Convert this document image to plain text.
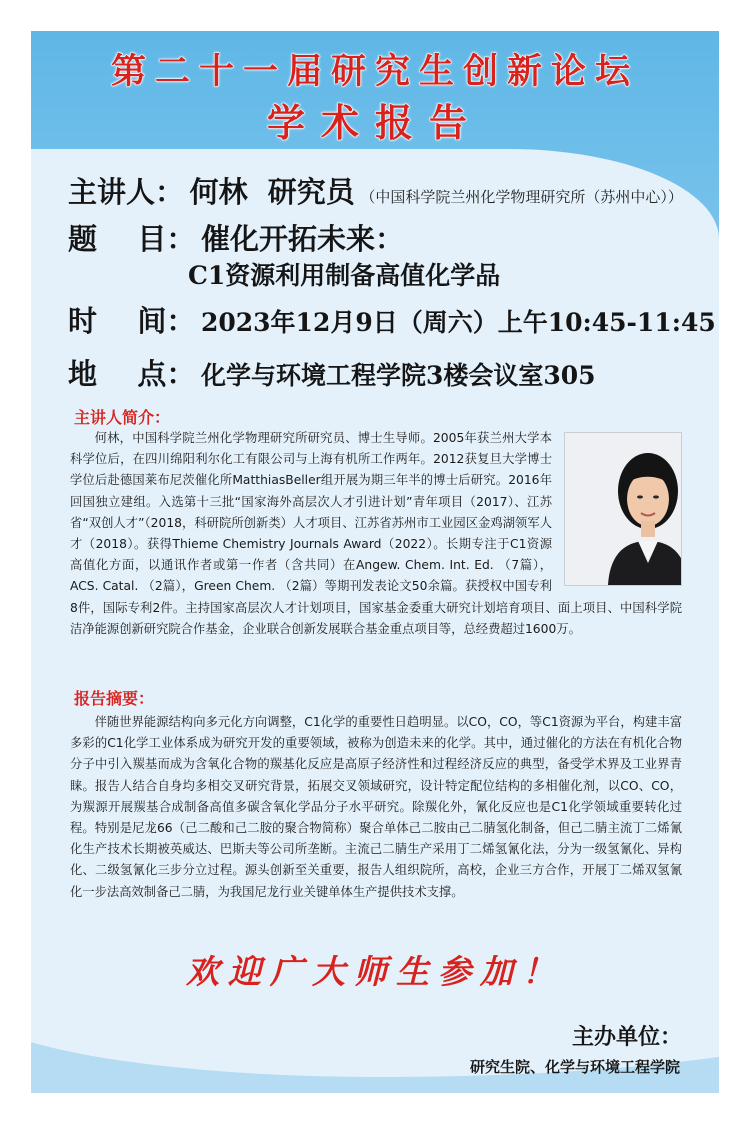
第二十一届研究生创新论坛
学术报告
主讲人： 何林  研究员 （中国科学院兰州化学物理研究所（苏州中心））
题    目： 催化开拓未来：
C1资源利用制备高值化学品
时    间： 2023年12月9日（周六）上午10:45-11:45
地    点： 化学与环境工程学院3楼会议室305
主讲人简介：
何林，中国科学院兰州化学物理研究所研究员、博士生导师。2005年获兰州大学本科学位后，在四川绵阳利尔化工有限公司与上海有机所工作两年。2012获复旦大学博士学位后赴德国莱布尼茨催化所MatthiasBeller组开展为期三年半的博士后研究。2016年回国独立建组。入选第十三批“国家海外高层次人才引进计划”青年项目（2017）、江苏省“双创人才”（2018，科研院所创新类）人才项目、江苏省苏州市工业园区金鸡湖领军人才（2018）。获得Thieme Chemistry Journals Award（2022）。长期专注于C1资源 高值化方面，以通讯作者或第一作者（含共同）在Angew. Chem. Int. Ed. （7篇），ACS. Catal. （2篇），Green Chem. （2篇）等期刊发表论文50余篇。获授权中国专利8件，国际专利2件。主持国家高层次人才计划项目，国家基金委重大研究计划培育项目、面上项目、中国科学院洁净能源创新研究院合作基金，企业联合创新发展联合基金重点项目等，总经费超过1600万。
报告摘要：
伴随世界能源结构向多元化方向调整，C1化学的重要性日趋明显。以CO，CO，等C1资源为平台，构建丰富多彩的C1化学工业体系成为研究开发的重要领域，被称为创造未来的化学。其中，通过催化的方法在有机化合物分子中引入羰基而成为含氧化合物的羰基化反应是高原子经济性和过程经济反应的典型，备受学术界及工业界青睐。报告人结合自身均多相交叉研究背景，拓展交叉领域研究，设计特定配位结构的多相催化剂，以CO、CO，为羰源开展羰基合成制备高值多碳含氧化学品分子水平研究。除羰化外，氰化反应也是C1化学领域重要转化过程。特别是尼龙66（己二酸和己二胺的聚合物简称）聚合单体己二胺由己二腈氢化制备，但己二腈主流丁二烯氰化生产技术长期被英威达、巴斯夫等公司所垄断。主流己二腈生产采用丁二烯氢氰化法，分为一级氢氰化、异构化、二级氢氰化三步分立过程。源头创新至关重要，报告人组织院所，高校，企业三方合作，开展丁二烯双氢氰化一步法高效制备己二腈，为我国尼龙行业关键单体生产提供技术支撑。
欢迎广大师生参加！
主办单位：
研究生院、化学与环境工程学院
